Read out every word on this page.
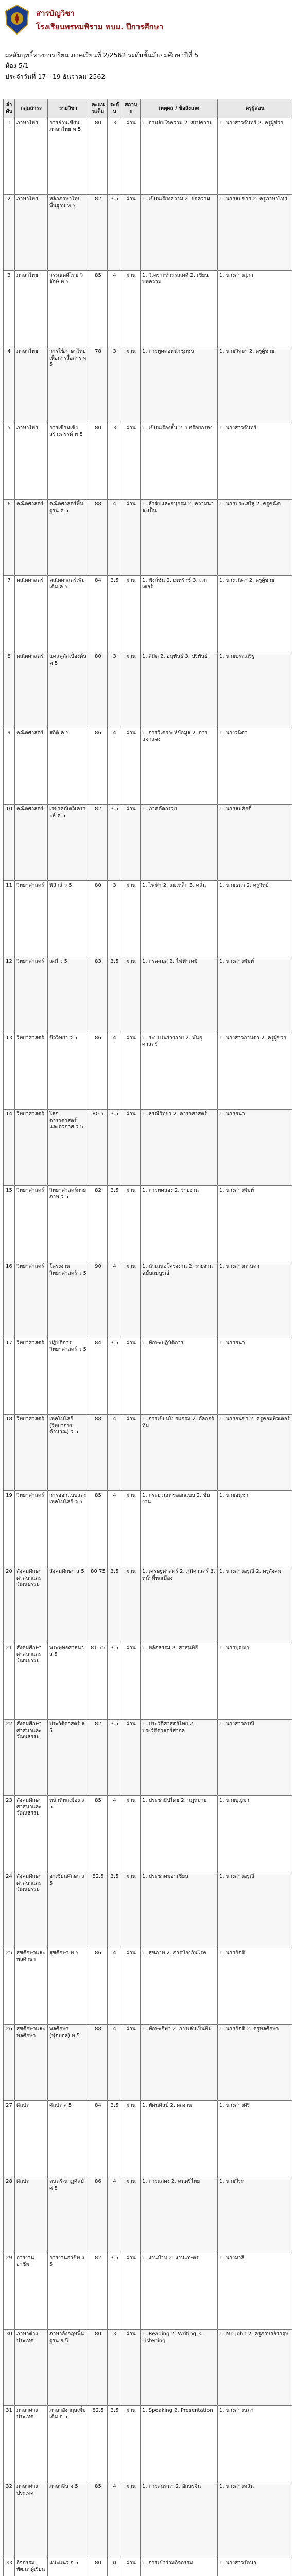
สารบัญวิชา
โรงเรียนพรหมพิราม พบม. ปีการศึกษา
ผลสัมฤทธิ์ทางการเรียน ภาคเรียนที่ 2/2562 ระดับชั้นมัธยมศึกษาปีที่ 5
ห้อง 5/1
ประจำวันที่ 17 - 19 ธันวาคม 2562
ลำดับ	กลุ่มสาระ	รายวิชา	คะแนนเต็ม	ระดับ	สถานะ	เหตุผล / ข้อสังเกต	ครูผู้สอน
1	ภาษาไทย	การอ่านเขียนภาษาไทย ท 5	80	3	ผ่าน	1. อ่านจับใจความ 2. สรุปความ	1. นางสาวจันทร์ 2. ครูผู้ช่วย
2	ภาษาไทย	หลักภาษาไทย พื้นฐาน ท 5	82	3.5	ผ่าน	1. เขียนเรียงความ 2. ย่อความ	1. นายสมชาย 2. ครูภาษาไทย
3	ภาษาไทย	วรรณคดีไทย วิจักษ์ ท 5	85	4	ผ่าน	1. วิเคราะห์วรรณคดี 2. เขียนบทความ	1. นางสาวสุภา
4	ภาษาไทย	การใช้ภาษาไทยเพื่อการสื่อสาร ท 5	78	3	ผ่าน	1. การพูดต่อหน้าชุมชน	1. นายวิทยา 2. ครูผู้ช่วย
5	ภาษาไทย	การเขียนเชิงสร้างสรรค์ ท 5	80	3	ผ่าน	1. เขียนเรื่องสั้น 2. บทร้อยกรอง	1. นางสาวจันทร์
6	คณิตศาสตร์	คณิตศาสตร์พื้นฐาน ค 5	88	4	ผ่าน	1. ลำดับและอนุกรม 2. ความน่าจะเป็น	1. นายประเสริฐ 2. ครูคณิต
7	คณิตศาสตร์	คณิตศาสตร์เพิ่มเติม ค 5	84	3.5	ผ่าน	1. ฟังก์ชัน 2. เมทริกซ์ 3. เวกเตอร์	1. นางวนิดา 2. ครูผู้ช่วย
8	คณิตศาสตร์	แคลคูลัสเบื้องต้น ค 5	80	3	ผ่าน	1. ลิมิต 2. อนุพันธ์ 3. ปริพันธ์	1. นายประเสริฐ
9	คณิตศาสตร์	สถิติ ค 5	86	4	ผ่าน	1. การวิเคราะห์ข้อมูล 2. การแจกแจง	1. นางวนิดา
10	คณิตศาสตร์	เรขาคณิตวิเคราะห์ ค 5	82	3.5	ผ่าน	1. ภาคตัดกรวย	1. นายสมศักดิ์
11	วิทยาศาสตร์	ฟิสิกส์ ว 5	80	3	ผ่าน	1. ไฟฟ้า 2. แม่เหล็ก 3. คลื่น	1. นายธนา 2. ครูวิทย์
12	วิทยาศาสตร์	เคมี ว 5	83	3.5	ผ่าน	1. กรด-เบส 2. ไฟฟ้าเคมี	1. นางสาวพิมพ์
13	วิทยาศาสตร์	ชีววิทยา ว 5	86	4	ผ่าน	1. ระบบในร่างกาย 2. พันธุศาสตร์	1. นางสาวกานดา 2. ครูผู้ช่วย
14	วิทยาศาสตร์	โลก ดาราศาสตร์ และอวกาศ ว 5	80.5	3.5	ผ่าน	1. ธรณีวิทยา 2. ดาราศาสตร์	1. นายธนา
15	วิทยาศาสตร์	วิทยาศาสตร์กายภาพ ว 5	82	3.5	ผ่าน	1. การทดลอง 2. รายงาน	1. นางสาวพิมพ์
16	วิทยาศาสตร์	โครงงานวิทยาศาสตร์ ว 5	90	4	ผ่าน	1. นำเสนอโครงงาน 2. รายงานฉบับสมบูรณ์	1. นางสาวกานดา
17	วิทยาศาสตร์	ปฏิบัติการวิทยาศาสตร์ ว 5	84	3.5	ผ่าน	1. ทักษะปฏิบัติการ	1. นายธนา
18	วิทยาศาสตร์	เทคโนโลยี (วิทยาการคำนวณ) ว 5	88	4	ผ่าน	1. การเขียนโปรแกรม 2. อัลกอริทึม	1. นายอนุชา 2. ครูคอมพิวเตอร์
19	วิทยาศาสตร์	การออกแบบและเทคโนโลยี ว 5	85	4	ผ่าน	1. กระบวนการออกแบบ 2. ชิ้นงาน	1. นายอนุชา
20	สังคมศึกษา ศาสนาและวัฒนธรรม	สังคมศึกษา ส 5	80.75	3.5	ผ่าน	1. เศรษฐศาสตร์ 2. ภูมิศาสตร์ 3. หน้าที่พลเมือง	1. นางสาวอรุณี 2. ครูสังคม
21	สังคมศึกษา ศาสนาและวัฒนธรรม	พระพุทธศาสนา ส 5	81.75	3.5	ผ่าน	1. หลักธรรม 2. ศาสนพิธี	1. นายบุญมา
22	สังคมศึกษา ศาสนาและวัฒนธรรม	ประวัติศาสตร์ ส 5	82	3.5	ผ่าน	1. ประวัติศาสตร์ไทย 2. ประวัติศาสตร์สากล	1. นางสาวอรุณี
23	สังคมศึกษา ศาสนาและวัฒนธรรม	หน้าที่พลเมือง ส 5	85	4	ผ่าน	1. ประชาธิปไตย 2. กฎหมาย	1. นายบุญมา
24	สังคมศึกษา ศาสนาและวัฒนธรรม	อาเซียนศึกษา ส 5	82.5	3.5	ผ่าน	1. ประชาคมอาเซียน	1. นางสาวอรุณี
25	สุขศึกษาและพลศึกษา	สุขศึกษา พ 5	86	4	ผ่าน	1. สุขภาพ 2. การป้องกันโรค	1. นายกิตติ
26	สุขศึกษาและพลศึกษา	พลศึกษา (ฟุตบอล) พ 5	88	4	ผ่าน	1. ทักษะกีฬา 2. การเล่นเป็นทีม	1. นายกิตติ 2. ครูพลศึกษา
27	ศิลปะ	ศิลปะ ศ 5	84	3.5	ผ่าน	1. ทัศนศิลป์ 2. ผลงาน	1. นางสาวศิริ
28	ศิลปะ	ดนตรี-นาฏศิลป์ ศ 5	86	4	ผ่าน	1. การแสดง 2. ดนตรีไทย	1. นายวีระ
29	การงานอาชีพ	การงานอาชีพ ง 5	82	3.5	ผ่าน	1. งานบ้าน 2. งานเกษตร	1. นางมาลี
30	ภาษาต่างประเทศ	ภาษาอังกฤษพื้นฐาน อ 5	80	3	ผ่าน	1. Reading 2. Writing 3. Listening	1. Mr. John 2. ครูภาษาอังกฤษ
31	ภาษาต่างประเทศ	ภาษาอังกฤษเพิ่มเติม อ 5	82.5	3.5	ผ่าน	1. Speaking 2. Presentation	1. นางสาวนภา
32	ภาษาต่างประเทศ	ภาษาจีน จ 5	85	4	ผ่าน	1. การสนทนา 2. อักษรจีน	1. นางสาวหลิน
33	กิจกรรมพัฒนาผู้เรียน	แนะแนว ก 5	80	ผ	ผ่าน	1. การเข้าร่วมกิจกรรม	1. นางสาวรัตนา
